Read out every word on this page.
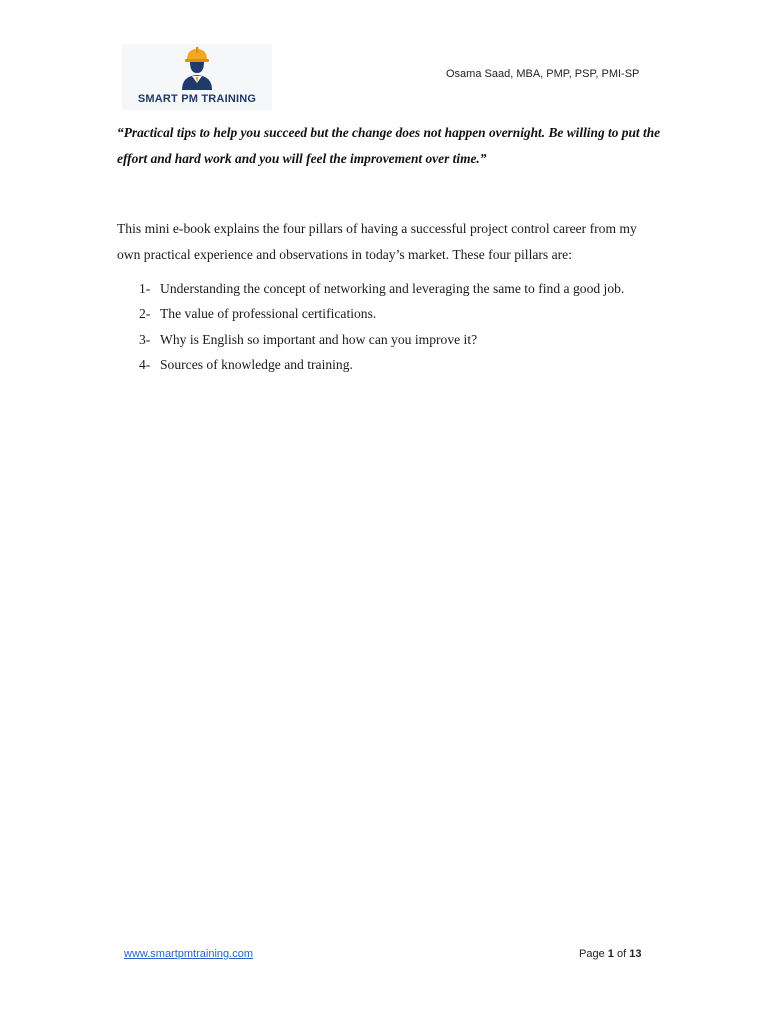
SMART PM TRAINING
Osama Saad, MBA, PMP, PSP, PMI-SP
“Practical tips to help you succeed but the change does not happen overnight. Be willing to put the effort and hard work and you will feel the improvement over time.”
This mini e-book explains the four pillars of having a successful project control career from my own practical experience and observations in today’s market. These four pillars are:
1- Understanding the concept of networking and leveraging the same to find a good job.
2- The value of professional certifications.
3- Why is English so important and how can you improve it?
4- Sources of knowledge and training.
www.smartpmtraining.com	Page 1 of 13
